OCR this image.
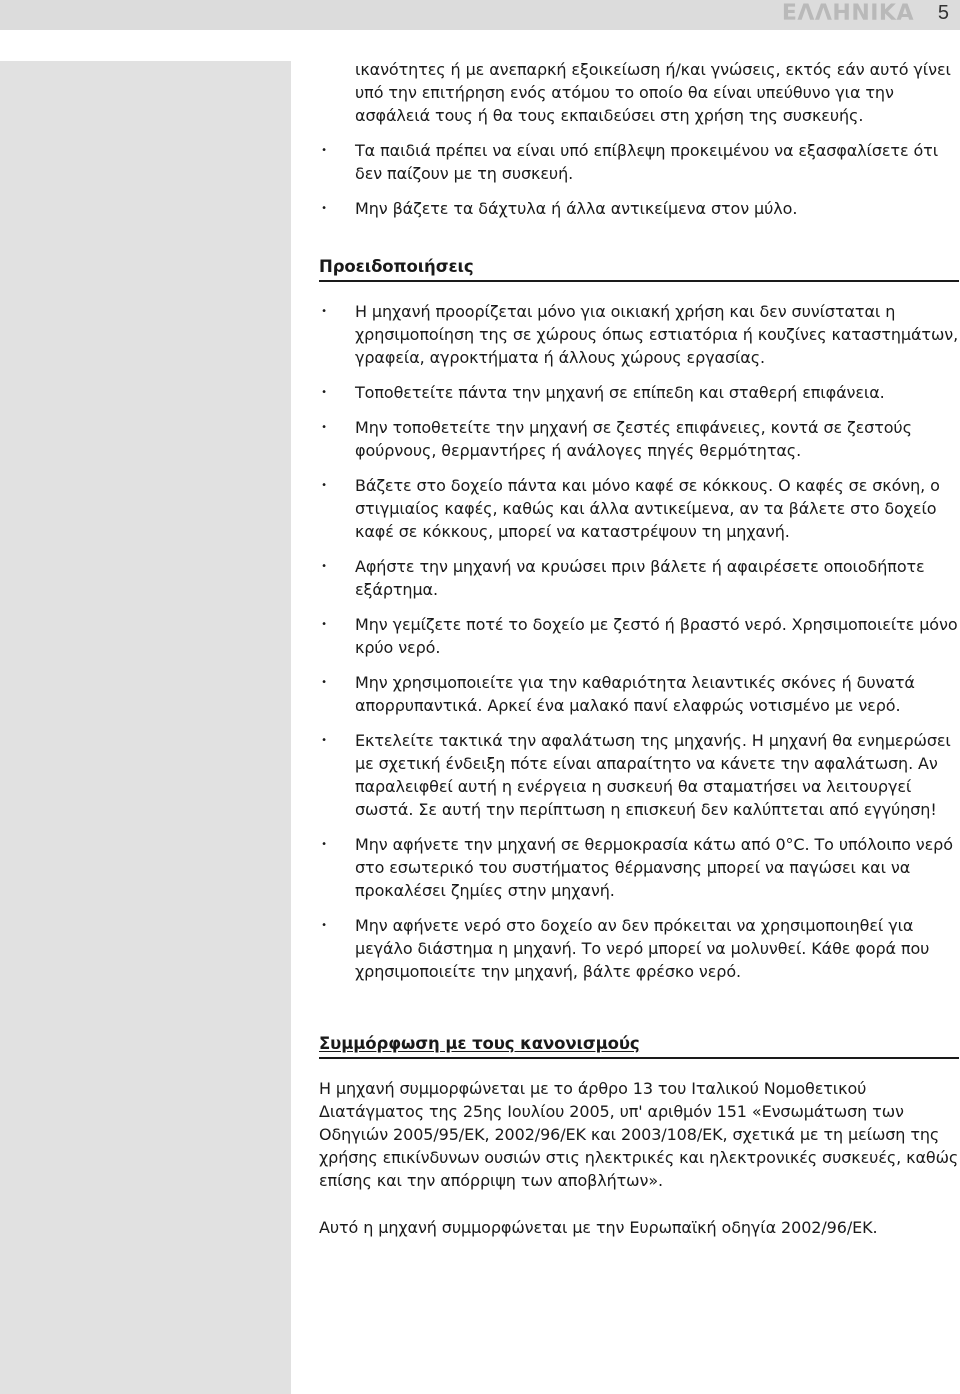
ΕΛΛΗΝΙΚΑ 5

ικανότητες ή με ανεπαρκή εξοικείωση ή/και γνώσεις, εκτός εάν αυτό γίνει υπό την επιτήρηση ενός ατόμου το οποίο θα είναι υπεύθυνο για την ασφάλειά τους ή θα τους εκπαιδεύσει στη χρήση της συσκευής.

• Τα παιδιά πρέπει να είναι υπό επίβλεψη προκειμένου να εξασφαλίσετε ότι δεν παίζουν με τη συσκευή.
• Μην βάζετε τα δάχτυλα ή άλλα αντικείμενα στον μύλο.
Προειδοποιήσεις
• Η μηχανή προορίζεται μόνο για οικιακή χρήση και δεν συνίσταται η χρησιμοποίηση της σε χώρους όπως εστιατόρια ή κουζίνες καταστημάτων, γραφεία, αγροκτήματα ή άλλους χώρους εργασίας.
• Τοποθετείτε πάντα την μηχανή σε επίπεδη και σταθερή επιφάνεια.
• Μην τοποθετείτε την μηχανή σε ζεστές επιφάνειες, κοντά σε ζεστούς φούρνους, θερμαντήρες ή ανάλογες πηγές θερμότητας.
• Βάζετε στο δοχείο πάντα και μόνο καφέ σε κόκκους. Ο καφές σε σκόνη, ο στιγμιαίος καφές, καθώς και άλλα αντικείμενα, αν τα βάλετε στο δοχείο καφέ σε κόκκους, μπορεί να καταστρέψουν τη μηχανή.
• Αφήστε την μηχανή να κρυώσει πριν βάλετε ή αφαιρέσετε οποιοδήποτε εξάρτημα.
• Μην γεμίζετε ποτέ το δοχείο με ζεστό ή βραστό νερό. Χρησιμοποιείτε μόνο κρύο νερό.
• Μην χρησιμοποιείτε για την καθαριότητα λειαντικές σκόνες ή δυνατά απορρυπαντικά. Αρκεί ένα μαλακό πανί ελαφρώς νοτισμένο με νερό.
• Εκτελείτε τακτικά την αφαλάτωση της μηχανής. Η μηχανή θα ενημερώσει με σχετική ένδειξη πότε είναι απαραίτητο να κάνετε την αφαλάτωση. Αν παραλειφθεί αυτή η ενέργεια η συσκευή θα σταματήσει να λειτουργεί σωστά. Σε αυτή την περίπτωση η επισκευή δεν καλύπτεται από εγγύηση!
• Μην αφήνετε την μηχανή σε θερμοκρασία κάτω από 0°C. Το υπόλοιπο νερό στο εσωτερικό του συστήματος θέρμανσης μπορεί να παγώσει και να προκαλέσει ζημίες στην μηχανή.
• Μην αφήνετε νερό στο δοχείο αν δεν πρόκειται να χρησιμοποιηθεί για μεγάλο διάστημα η μηχανή. Το νερό μπορεί να μολυνθεί. Κάθε φορά που χρησιμοποιείτε την μηχανή, βάλτε φρέσκο νερό.
Συμμόρφωση με τους κανονισμούς

Η μηχανή συμμορφώνεται με το άρθρο 13 του Ιταλικού Νομοθετικού Διατάγματος της 25ης Ιουλίου 2005, υπ' αριθμόν 151 «Ενσωμάτωση των Οδηγιών 2005/95/ΕΚ, 2002/96/ΕΚ και 2003/108/ΕΚ, σχετικά με τη μείωση της χρήσης επικίνδυνων ουσιών στις ηλεκτρικές και ηλεκτρονικές συσκευές, καθώς επίσης και την απόρριψη των αποβλήτων».

Αυτό η μηχανή συμμορφώνεται με την Ευρωπαϊκή οδηγία 2002/96/ΕΚ.
